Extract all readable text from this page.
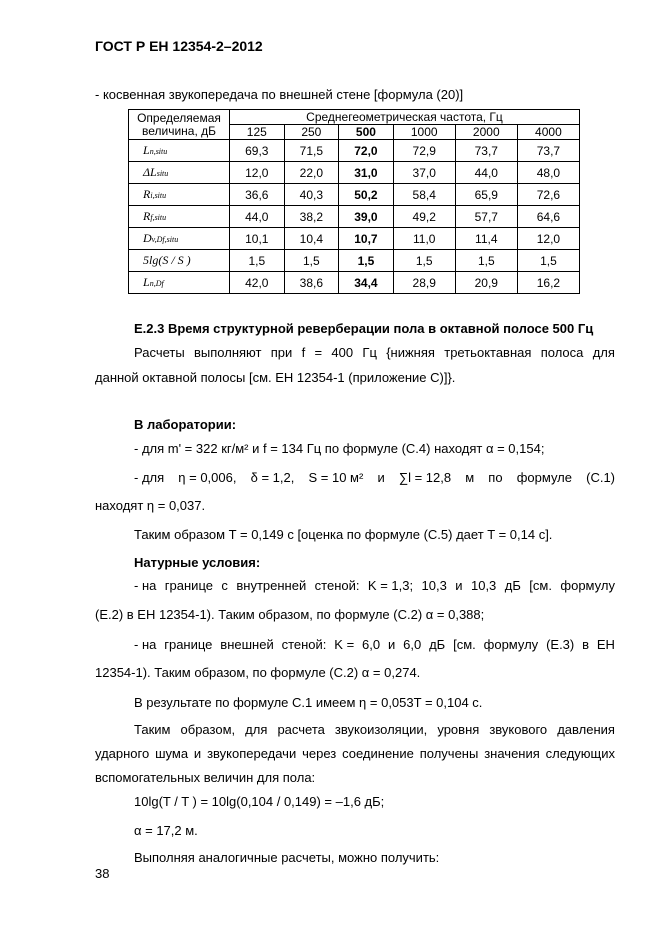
ГОСТ Р ЕН 12354-2–2012
- косвенная звукопередача по внешней стене [формула (20)]
Определяемая
величина, дБ	Среднегеометрическая частота, Гц					
	125	250	500	1000	2000	4000
Ln,situ	69,3	71,5	72,0	72,9	73,7	73,7
ΔLsitu	12,0	22,0	31,0	37,0	44,0	48,0
Ri,situ	36,6	40,3	50,2	58,4	65,9	72,6
Rf,situ	44,0	38,2	39,0	49,2	57,7	64,6
Dv,Df,situ	10,1	10,4	10,7	11,0	11,4	12,0
5lg(S / S )	1,5	1,5	1,5	1,5	1,5	1,5
Ln,Df	42,0	38,6	34,4	28,9	20,9	16,2
Е.2.3 Время структурной реверберации пола в октавной полосе 500 Гц
Расчеты выполняют при f = 400 Гц {нижняя третьоктавная полоса для
данной октавной полосы [см. ЕН 12354-1 (приложение С)]}.
В лаборатории:
- для m' = 322 кг/м² и f = 134 Гц по формуле (С.4) находят α = 0,154;
- для η = 0,006, δ = 1,2, S = 10 м² и ∑l = 12,8 м по формуле (С.1)
находят η = 0,037.
Таким образом T = 0,149 с [оценка по формуле (С.5) дает T = 0,14 с].
Натурные условия:
- на границе с внутренней стеной: K = 1,3; 10,3 и 10,3 дБ [см. формулу
(Е.2) в ЕН 12354-1). Таким образом, по формуле (С.2) α = 0,388;
- на границе внешней стеной: K = 6,0 и 6,0 дБ [см. формулу (Е.3) в ЕН
12354-1). Таким образом, по формуле (С.2) α = 0,274.
В результате по формуле С.1 имеем η = 0,053T = 0,104 с.
Таким образом, для расчета звукоизоляции, уровня звукового давления
ударного шума и звукопередачи через соединение получены значения следующих
вспомогательных величин для пола:
10lg(T / T ) = 10lg(0,104 / 0,149) = –1,6 дБ;
α = 17,2 м.
Выполняя аналогичные расчеты, можно получить:
38
